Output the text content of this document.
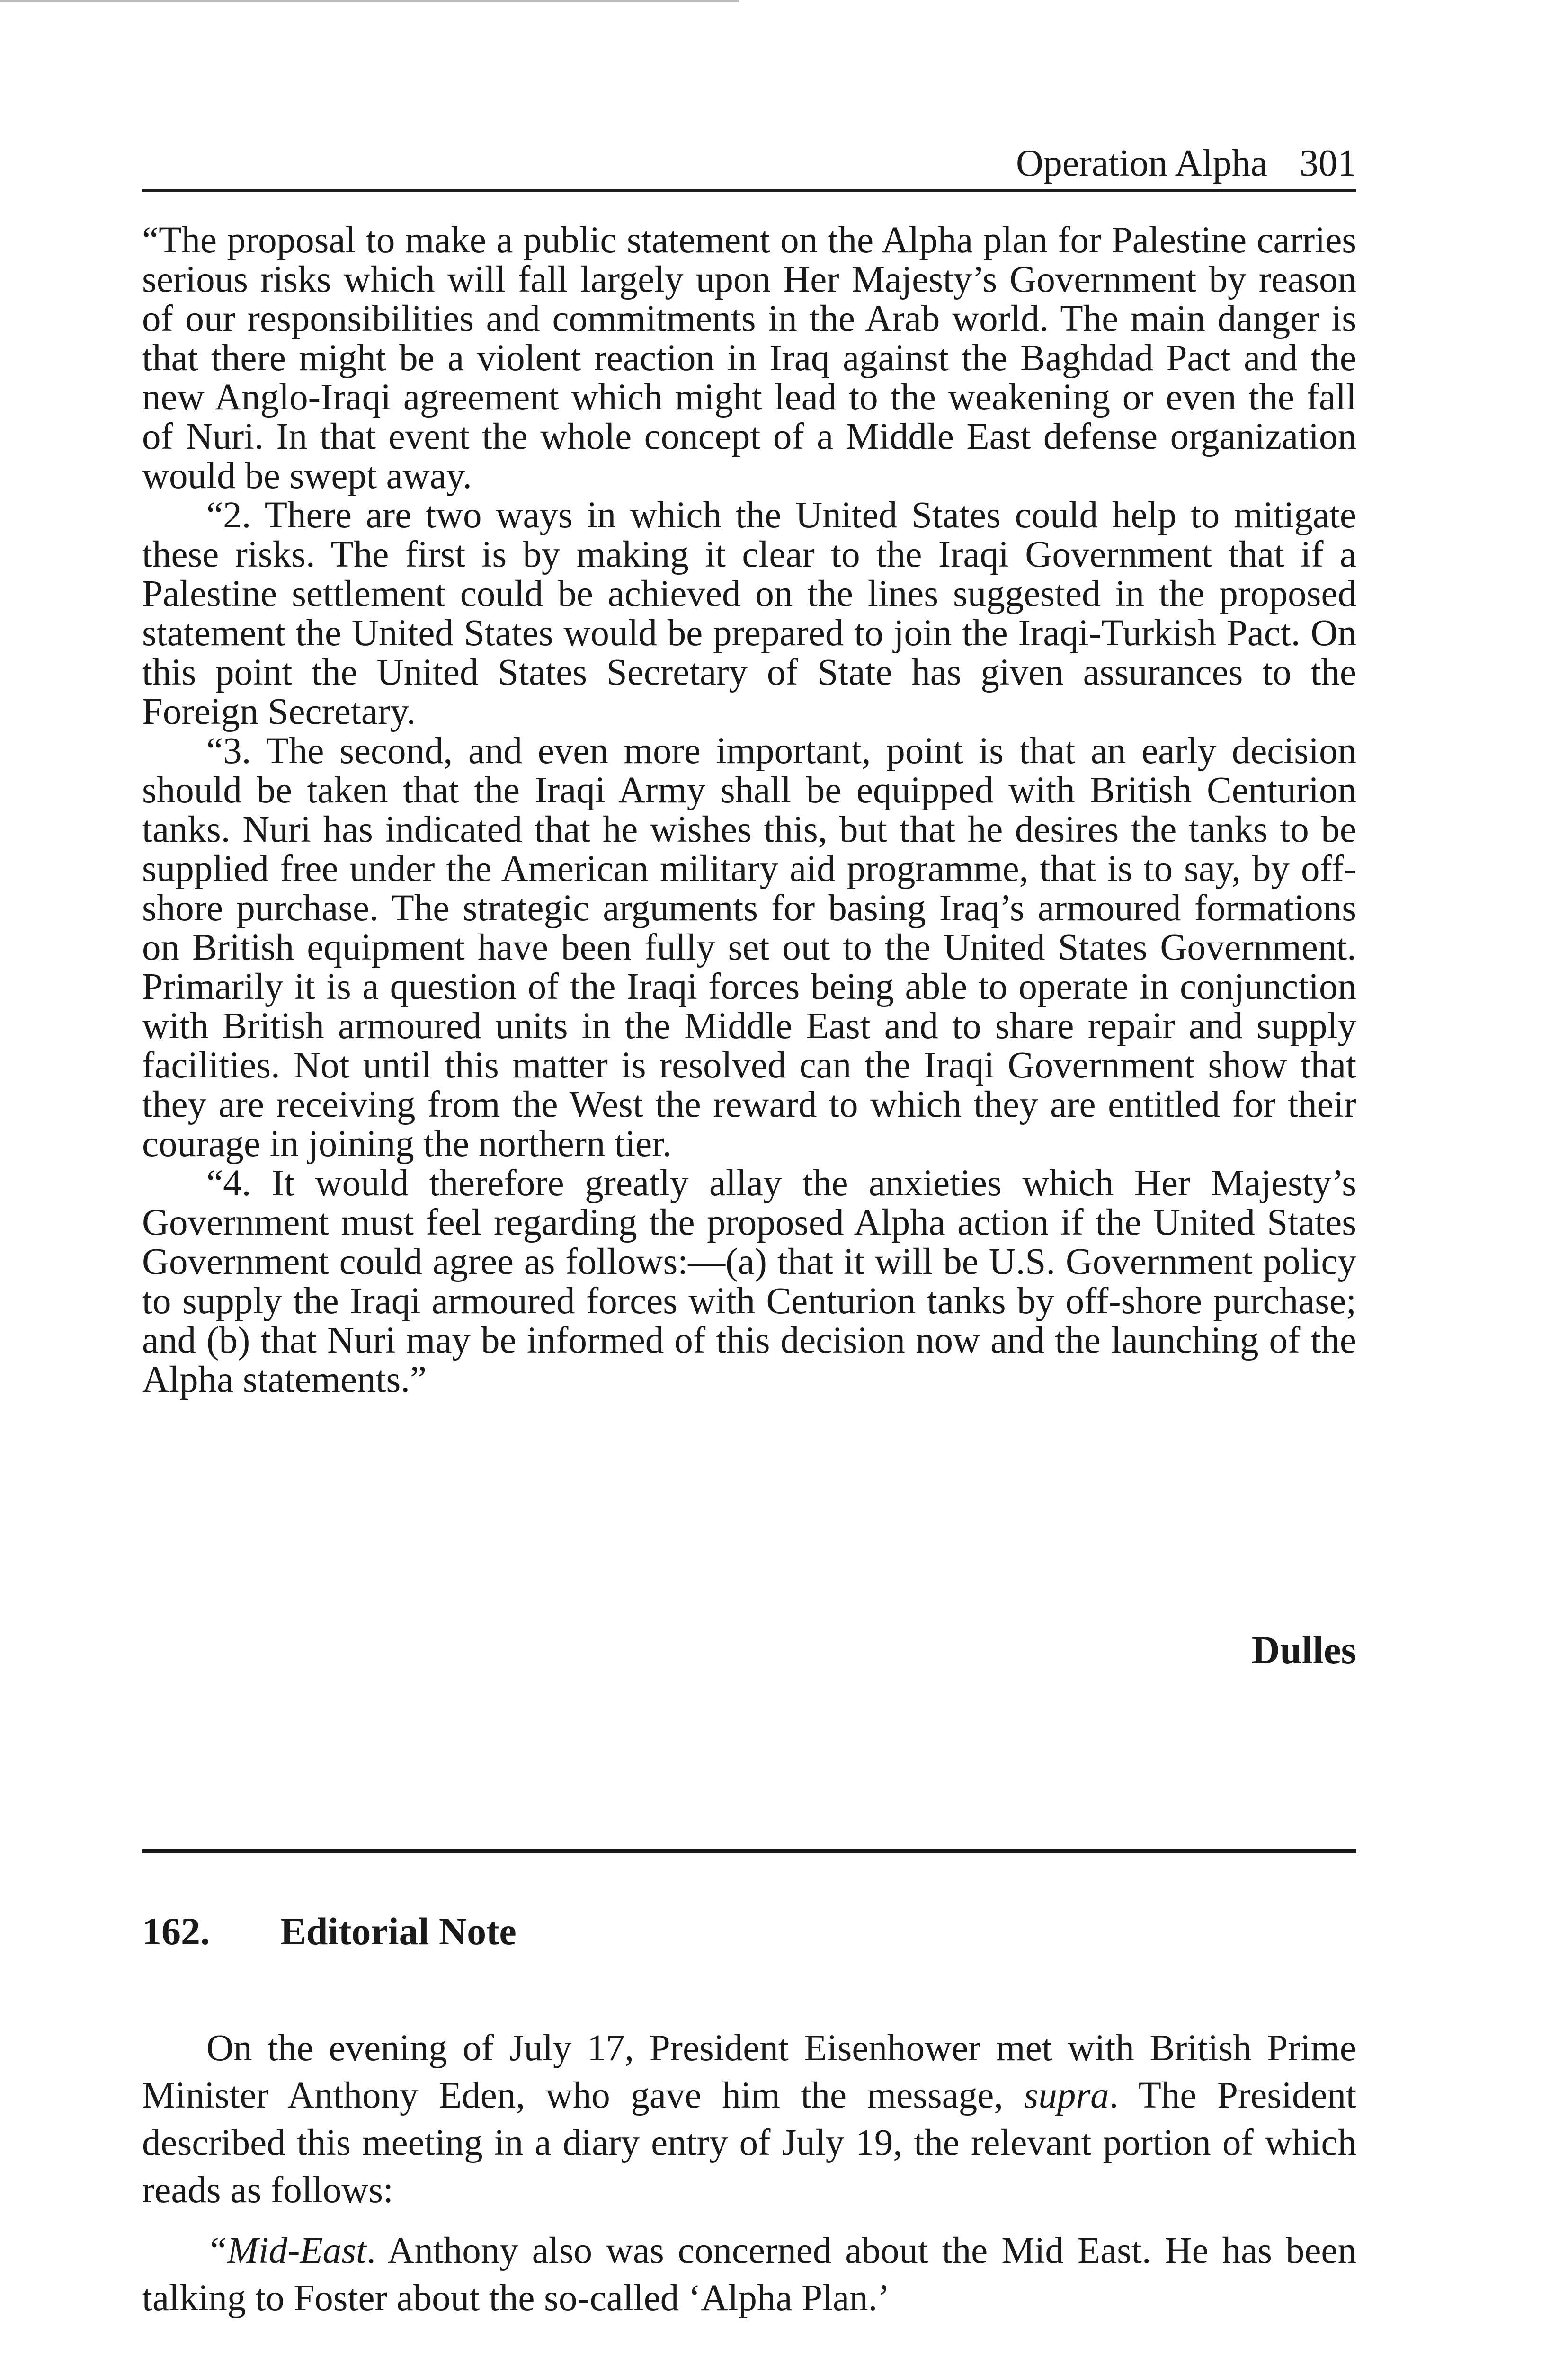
Operation Alpha 301

“The proposal to make a public statement on the Alpha plan for Palestine carries serious risks which will fall largely upon Her Majesty’s Government by reason of our responsibilities and commitments in the Arab world. The main danger is that there might be a violent reaction in Iraq against the Baghdad Pact and the new Anglo-Iraqi agreement which might lead to the weakening or even the fall of Nuri. In that event the whole concept of a Middle East defense organization would be swept away.

“2. There are two ways in which the United States could help to mitigate these risks. The first is by making it clear to the Iraqi Government that if a Palestine settlement could be achieved on the lines suggested in the proposed statement the United States would be prepared to join the Iraqi-Turkish Pact. On this point the United States Secretary of State has given assurances to the Foreign Secretary.

“3. The second, and even more important, point is that an early decision should be taken that the Iraqi Army shall be equipped with British Centurion tanks. Nuri has indicated that he wishes this, but that he desires the tanks to be supplied free under the American military aid programme, that is to say, by off-shore purchase. The strategic arguments for basing Iraq’s armoured formations on British equipment have been fully set out to the United States Government. Primarily it is a question of the Iraqi forces being able to operate in conjunction with British armoured units in the Middle East and to share repair and supply facilities. Not until this matter is resolved can the Iraqi Government show that they are receiving from the West the reward to which they are entitled for their courage in joining the northern tier.

“4. It would therefore greatly allay the anxieties which Her Majesty’s Government must feel regarding the proposed Alpha action if the United States Government could agree as follows:—(a) that it will be U.S. Government policy to supply the Iraqi armoured forces with Centurion tanks by off-shore purchase; and (b) that Nuri may be informed of this decision now and the launching of the Alpha statements.”

Dulles
162. Editorial Note

On the evening of July 17, President Eisenhower met with British Prime Minister Anthony Eden, who gave him the message, supra. The President described this meeting in a diary entry of July 19, the relevant portion of which reads as follows:

“Mid-East. Anthony also was concerned about the Mid East. He has been talking to Foster about the so-called ‘Alpha Plan.’
